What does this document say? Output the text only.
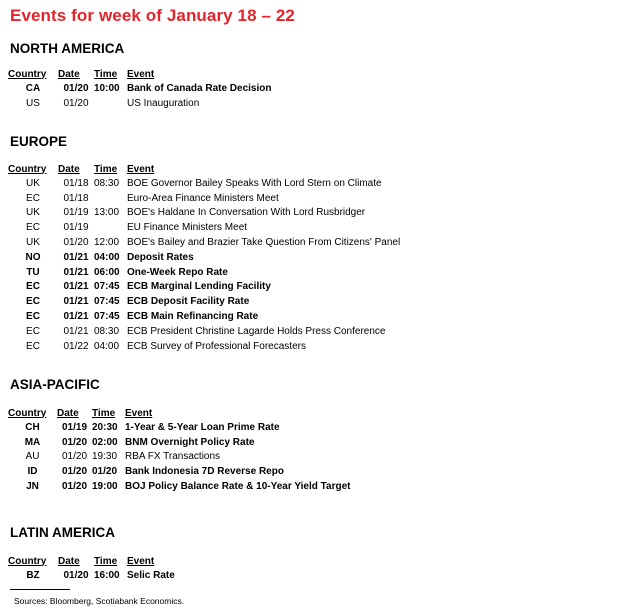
Events for week of January 18 – 22
NORTH AMERICA
Country	Date	Time	Event
CA	01/20	10:00	Bank of Canada Rate Decision
US	01/20		US Inauguration
EUROPE
Country	Date	Time	Event
UK	01/18	08:30	BOE Governor Bailey Speaks With Lord Stern on Climate
EC	01/18		Euro-Area Finance Ministers Meet
UK	01/19	13:00	BOE's Haldane In Conversation With Lord Rusbridger
EC	01/19		EU Finance Ministers Meet
UK	01/20	12:00	BOE's Bailey and Brazier Take Question From Citizens' Panel
NO	01/21	04:00	Deposit Rates
TU	01/21	06:00	One-Week Repo Rate
EC	01/21	07:45	ECB Marginal Lending Facility
EC	01/21	07:45	ECB Deposit Facility Rate
EC	01/21	07:45	ECB Main Refinancing Rate
EC	01/21	08:30	ECB President Christine Lagarde Holds Press Conference
EC	01/22	04:00	ECB Survey of Professional Forecasters
ASIA-PACIFIC
Country	Date	Time	Event
CH	01/19	20:30	1-Year & 5-Year Loan Prime Rate
MA	01/20	02:00	BNM Overnight Policy Rate
AU	01/20	19:30	RBA FX Transactions
ID	01/20	01/20	Bank Indonesia 7D Reverse Repo
JN	01/20	19:00	BOJ Policy Balance Rate & 10-Year Yield Target
LATIN AMERICA
Country	Date	Time	Event
BZ	01/20	16:00	Selic Rate
Sources: Bloomberg, Scotiabank Economics.
